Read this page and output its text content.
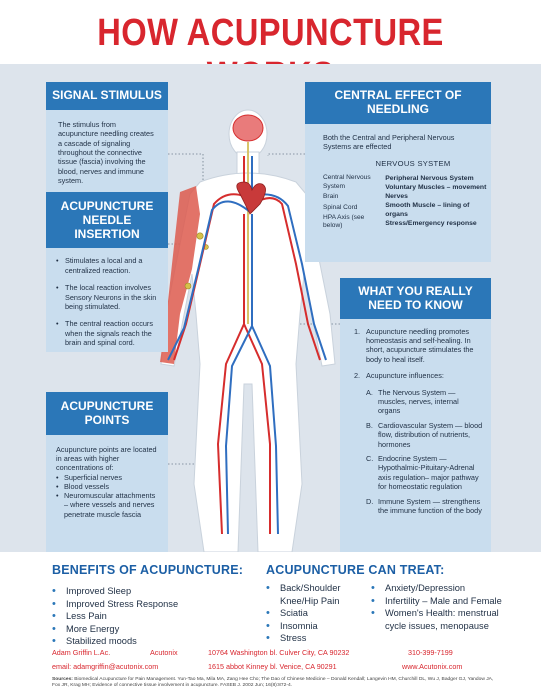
HOW ACUPUNCTURE
SIGNAL STIMULUS
The stimulus from acupuncture needling creates a cascade of signaling throughout the connective tissue (fascia) involving the blood, nerves and immune system.
ACUPUNCTURE NEEDLE INSERTION
• Stimulates a local and a centralized reaction.
• The local reaction involves Sensory Neurons in the skin being stimulated.
• The central reaction occurs when the signals reach the brain and spinal cord.
ACUPUNCTURE POINTS
Acupuncture points are located in areas with higher concentrations of:
• Superficial nerves
• Blood vessels
• Neuromuscular attachments – where vessels and nerves penetrate muscle fascia
CENTRAL EFFECT OF NEEDLING
Both the Central and Peripheral Nervous Systems are effected
NERVOUS SYSTEM
Central Nervous System
Brain
Spinal Cord
HPA Axis (see below)
Peripheral Nervous System
Voluntary Muscles – movement
Nerves
Smooth Muscle – lining of organs
Stress/Emergency response
WHAT YOU REALLY NEED TO KNOW
1. Acupuncture needling promotes homeostasis and self-healing. In short, acupuncture stimulates the body to heal itself.
2. Acupuncture influences:
A. The Nervous System — muscles, nerves, internal organs
B. Cardiovascular System — blood flow, distribution of nutrients, hormones
C. Endocrine System — Hypothalmic-Pituitary-Adrenal axis regulation– major pathway for homeostatic regulation
D. Immune System — strengthens the immune function of the body
BENEFITS OF ACUPUNCTURE:
• Improved Sleep
• Improved Stress Response
• Less Pain
• More Energy
• Stabilized moods
ACUPUNCTURE CAN TREAT:
• Back/Shoulder Knee/Hip Pain
• Sciatia
• Insomnia
• Stress
• Anxiety/Depression
• Infertility – Male and Female
• Women's Health: menstrual cycle issues, menopause
Adam Griffin L.Ac.	Acutonix	10764 Washington bl. Culver City, CA 90232	310-399-7199
email: adamgriffin@acutonix.com	1615 abbot Kinney bl. Venice, CA 90291	www.Acutonix.com
Sources: Biomedical Acupuncture for Pain Management. Yun-Tao Ma, Mila MA, Zang Hee Cho; The Dao of Chinese Medicine – Donald Kendall; Langevin HM, Churchill DL, Wu J, Badger GJ, Yandow JA, Fox JR, Krag MH; Evidence of connective tissue involvement in acupuncture. FASEB J. 2002 Jun; 16(8):872-4.
